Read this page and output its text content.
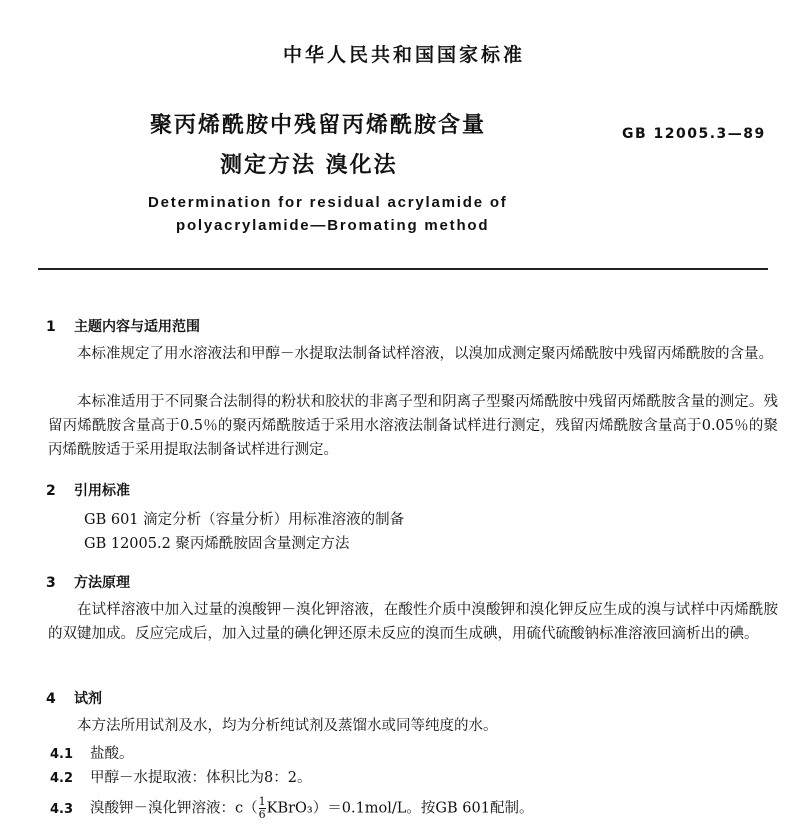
中华人民共和国国家标准
聚丙烯酰胺中残留丙烯酰胺含量
测定方法 溴化法
GB 12005.3—89
Determination for residual acrylamide of
polyacrylamide—Bromating method
1 主题内容与适用范围
本标准规定了用水溶液法和甲醇－水提取法制备试样溶液，以溴加成测定聚丙烯酰胺中残留丙烯酰胺的含量。
本标准适用于不同聚合法制得的粉状和胶状的非离子型和阴离子型聚丙烯酰胺中残留丙烯酰胺含量的测定。残留丙烯酰胺含量高于0.5％的聚丙烯酰胺适于采用水溶液法制备试样进行测定，残留丙烯酰胺含量高于0.05％的聚丙烯酰胺适于采用提取法制备试样进行测定。
2 引用标准
GB 601 滴定分析（容量分析）用标准溶液的制备
GB 12005.2 聚丙烯酰胺固含量测定方法
3 方法原理
在试样溶液中加入过量的溴酸钾－溴化钾溶液，在酸性介质中溴酸钾和溴化钾反应生成的溴与试样中丙烯酰胺的双键加成。反应完成后，加入过量的碘化钾还原未反应的溴而生成碘，用硫代硫酸钠标准溶液回滴析出的碘。
4 试剂
本方法所用试剂及水，均为分析纯试剂及蒸馏水或同等纯度的水。
4.1 盐酸。
4.2 甲醇－水提取液：体积比为8：2。
4.3 溴酸钾－溴化钾溶液：$c( \frac{1}{6}$ KBrO₃）＝0.1mol/L。按GB 601配制。
